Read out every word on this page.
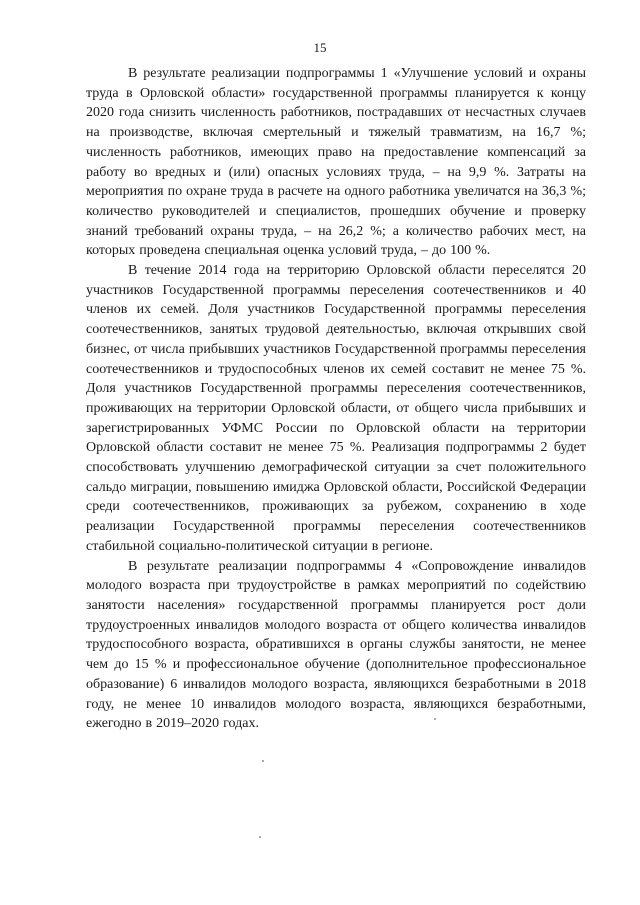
15

В результате реализации подпрограммы 1 «Улучшение условий и охраны труда в Орловской области» государственной программы планируется к концу 2020 года снизить численность работников, пострадавших от несчастных случаев на производстве, включая смертельный и тяжелый травматизм, на 16,7 %; численность работников, имеющих право на предоставление компенсаций за работу во вредных и (или) опасных условиях труда, – на 9,9 %. Затраты на мероприятия по охране труда в расчете на одного работника увеличатся на 36,3 %; количество руководителей и специалистов, прошедших обучение и проверку знаний требований охраны труда, – на 26,2 %; а количество рабочих мест, на которых проведена специальная оценка условий труда, – до 100 %.

В течение 2014 года на территорию Орловской области переселятся 20 участников Государственной программы переселения соотечественников и 40 членов их семей. Доля участников Государственной программы переселения соотечественников, занятых трудовой деятельностью, включая открывших свой бизнес, от числа прибывших участников Государственной программы переселения соотечественников и трудоспособных членов их семей составит не менее 75 %. Доля участников Государственной программы переселения соотечественников, проживающих на территории Орловской области, от общего числа прибывших и зарегистрированных УФМС России по Орловской области на территории Орловской области составит не менее 75 %. Реализация подпрограммы 2 будет способствовать улучшению демографической ситуации за счет положительного сальдо миграции, повышению имиджа Орловской области, Российской Федерации среди соотечественников, проживающих за рубежом, сохранению в ходе реализации Государственной программы переселения соотечественников стабильной социально-политической ситуации в регионе.

В результате реализации подпрограммы 4 «Сопровождение инвалидов молодого возраста при трудоустройстве в рамках мероприятий по содействию занятости населения» государственной программы планируется рост доли трудоустроенных инвалидов молодого возраста от общего количества инвалидов трудоспособного возраста, обратившихся в органы службы занятости, не менее чем до 15 % и профессиональное обучение (дополнительное профессиональное образование) 6 инвалидов молодого возраста, являющихся безработными в 2018 году, не менее 10 инвалидов молодого возраста, являющихся безработными, ежегодно в 2019–2020 годах.
